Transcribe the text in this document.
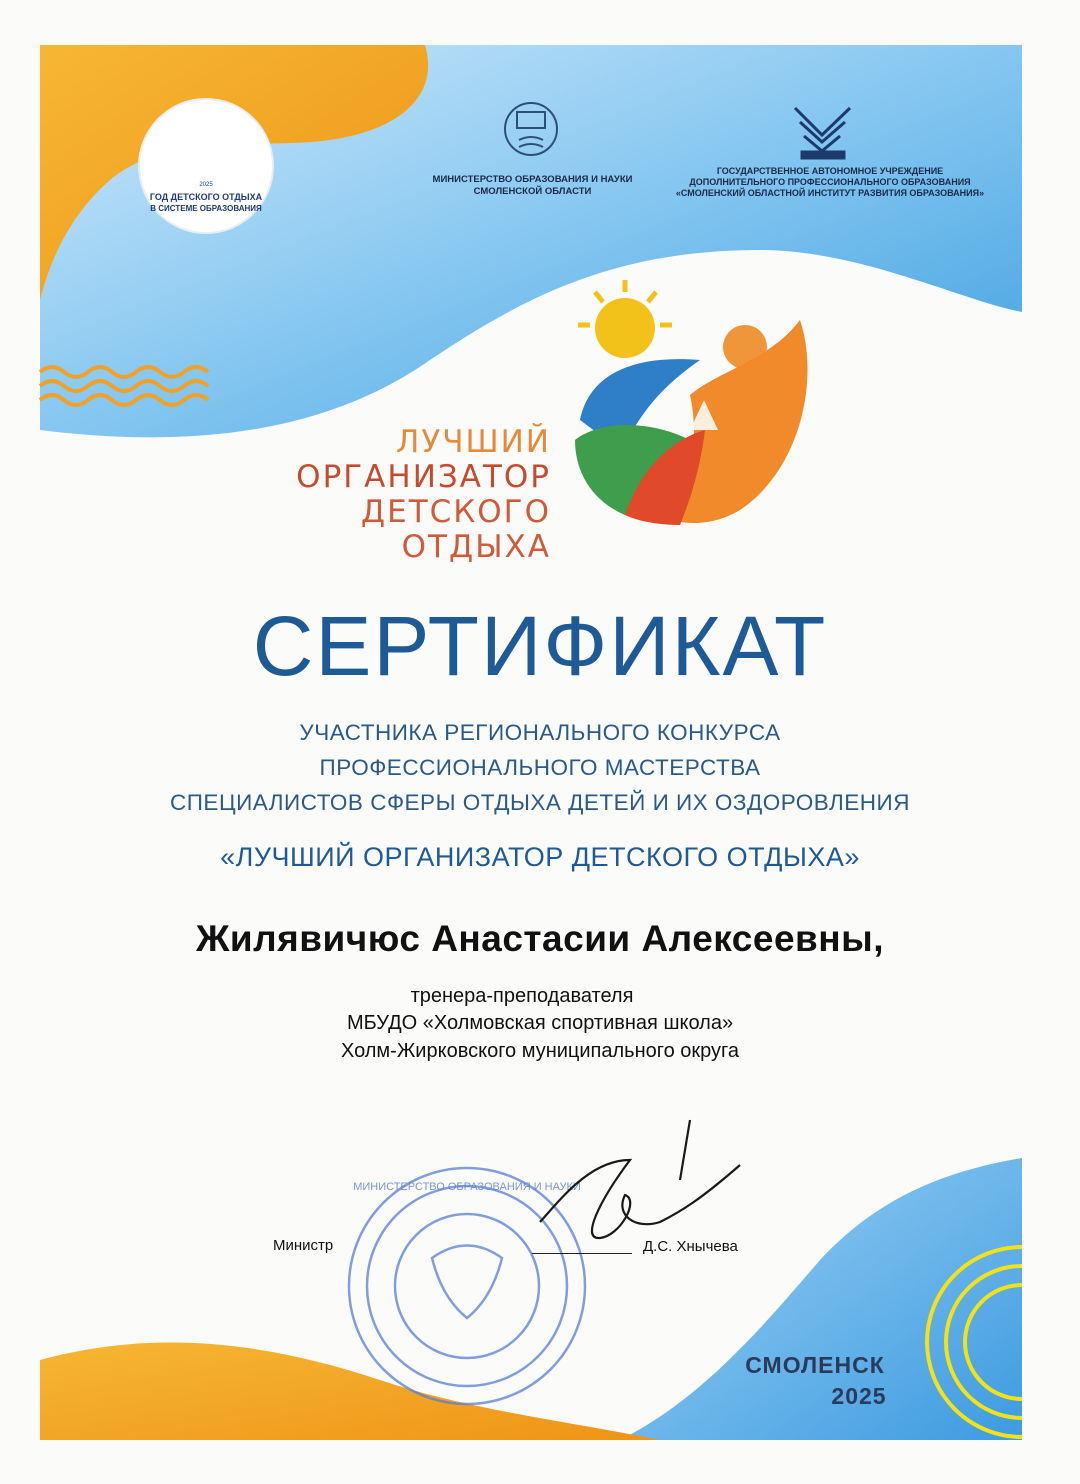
МИНИСТЕРСТВО ОБРАЗОВАНИЯ И НАУКИ
2025
ГОД ДЕТСКОГО ОТДЫХА
В СИСТЕМЕ ОБРАЗОВАНИЯ
МИНИСТЕРСТВО ОБРАЗОВАНИЯ И НАУКИ
СМОЛЕНСКОЙ ОБЛАСТИ
ГОСУДАРСТВЕННОЕ АВТОНОМНОЕ УЧРЕЖДЕНИЕ
ДОПОЛНИТЕЛЬНОГО ПРОФЕССИОНАЛЬНОГО ОБРАЗОВАНИЯ
«СМОЛЕНСКИЙ ОБЛАСТНОЙ ИНСТИТУТ РАЗВИТИЯ ОБРАЗОВАНИЯ»
ЛУЧШИЙ
ОРГАНИЗАТОР
ДЕТСКОГО ОТДЫХА
СЕРТИФИКАТ
УЧАСТНИКА РЕГИОНАЛЬНОГО КОНКУРСА
ПРОФЕССИОНАЛЬНОГО МАСТЕРСТВА
СПЕЦИАЛИСТОВ СФЕРЫ ОТДЫХА ДЕТЕЙ И ИХ ОЗДОРОВЛЕНИЯ
«ЛУЧШИЙ ОРГАНИЗАТОР ДЕТСКОГО ОТДЫХА»
Жилявичюс Анастасии Алексеевны,
тренера-преподавателя
МБУДО «Холмовская спортивная школа»
Холм-Жирковского муниципального округа
Министр	Д.С. Хнычева
СМОЛЕНСК
2025
